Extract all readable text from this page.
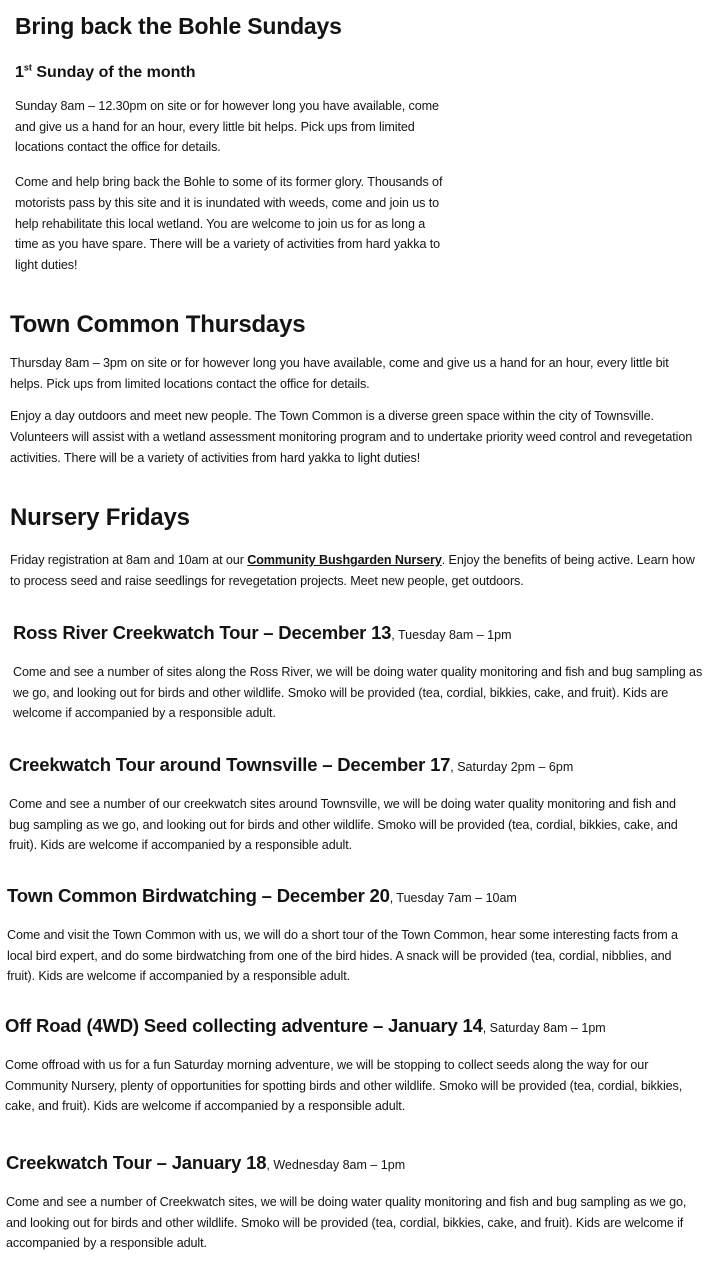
Bring back the Bohle Sundays
1st Sunday of the month

Sunday 8am – 12.30pm on site or for however long you have available, come and give us a hand for an hour, every little bit helps. Pick ups from limited locations contact the office for details.

Come and help bring back the Bohle to some of its former glory. Thousands of motorists pass by this site and it is inundated with weeds, come and join us to help rehabilitate this local wetland. You are welcome to join us for as long a time as you have spare. There will be a variety of activities from hard yakka to light duties!

Town Common Thursdays

Thursday 8am – 3pm on site or for however long you have available, come and give us a hand for an hour, every little bit helps. Pick ups from limited locations contact the office for details.

Enjoy a day outdoors and meet new people. The Town Common is a diverse green space within the city of Townsville. Volunteers will assist with a wetland assessment monitoring program and to undertake priority weed control and revegetation activities. There will be a variety of activities from hard yakka to light duties!

Nursery Fridays

Friday registration at 8am and 10am at our Community Bushgarden Nursery. Enjoy the benefits of being active. Learn how to process seed and raise seedlings for revegetation projects. Meet new people, get outdoors.

Ross River Creekwatch Tour – December 13, Tuesday 8am – 1pm

Come and see a number of sites along the Ross River, we will be doing water quality monitoring and fish and bug sampling as we go, and looking out for birds and other wildlife. Smoko will be provided (tea, cordial, bikkies, cake, and fruit). Kids are welcome if accompanied by a responsible adult.

Creekwatch Tour around Townsville – December 17, Saturday 2pm – 6pm

Come and see a number of our creekwatch sites around Townsville, we will be doing water quality monitoring and fish and bug sampling as we go, and looking out for birds and other wildlife. Smoko will be provided (tea, cordial, bikkies, cake, and fruit). Kids are welcome if accompanied by a responsible adult.

Town Common Birdwatching – December 20, Tuesday 7am – 10am

Come and visit the Town Common with us, we will do a short tour of the Town Common, hear some interesting facts from a local bird expert, and do some birdwatching from one of the bird hides. A snack will be provided (tea, cordial, nibblies, and fruit). Kids are welcome if accompanied by a responsible adult.

Off Road (4WD) Seed collecting adventure – January 14, Saturday 8am – 1pm

Come offroad with us for a fun Saturday morning adventure, we will be stopping to collect seeds along the way for our Community Nursery, plenty of opportunities for spotting birds and other wildlife. Smoko will be provided (tea, cordial, bikkies, cake, and fruit). Kids are welcome if accompanied by a responsible adult.

Creekwatch Tour – January 18, Wednesday 8am – 1pm

Come and see a number of Creekwatch sites, we will be doing water quality monitoring and fish and bug sampling as we go, and looking out for birds and other wildlife. Smoko will be provided (tea, cordial, bikkies, cake, and fruit). Kids are welcome if accompanied by a responsible adult.
